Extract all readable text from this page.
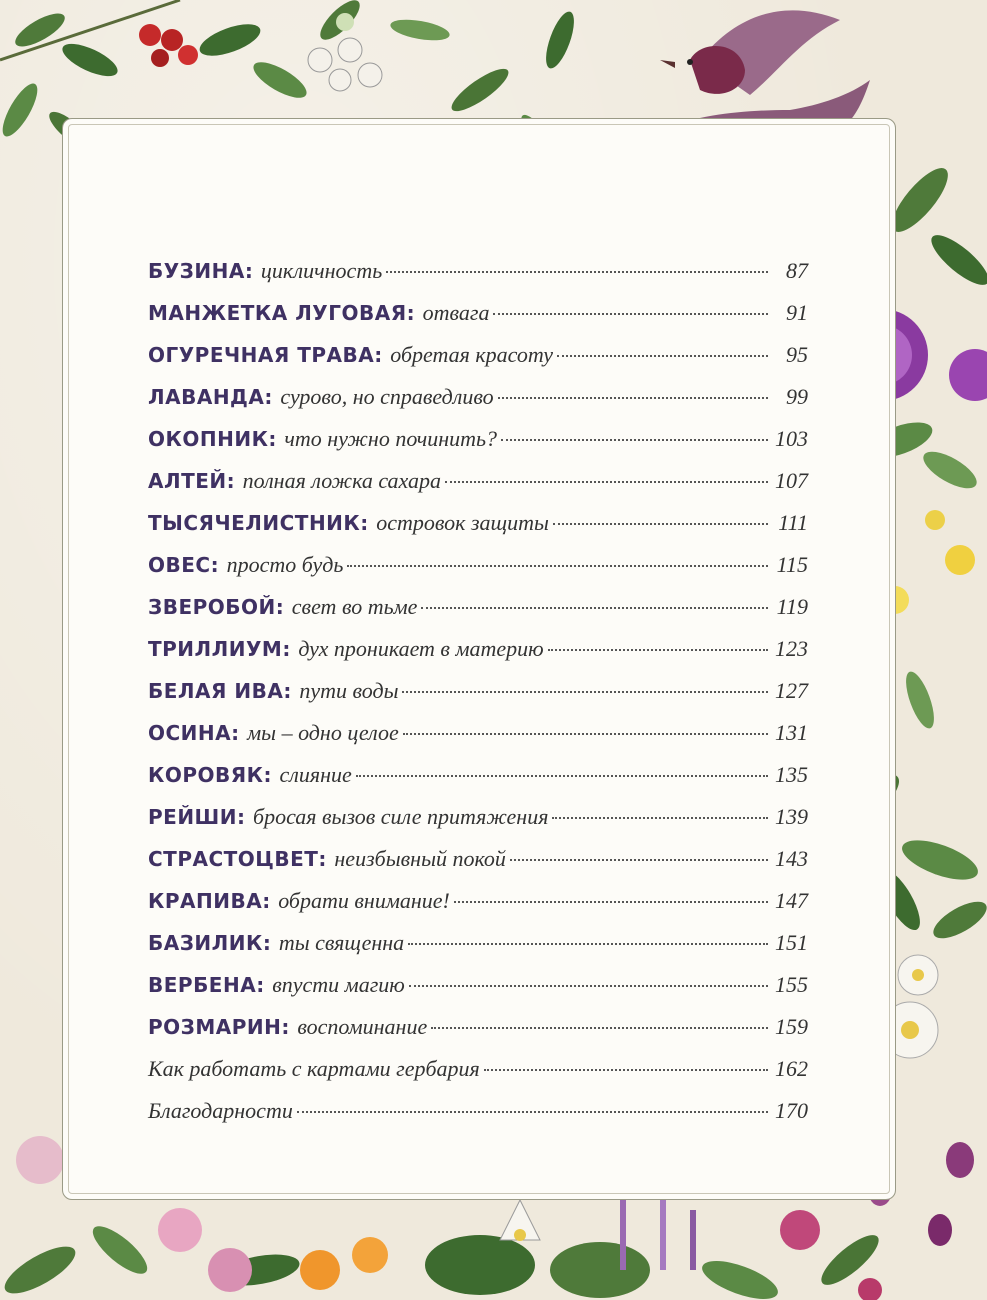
БУЗИНА : цикличность	87
МАНЖЕТКА ЛУГОВАЯ : отвага	91
ОГУРЕЧНАЯ ТРАВА : обретая красоту	95
ЛАВАНДА : сурово, но справедливо	99
ОКОПНИК : что нужно починить?	103
АЛТЕЙ : полная ложка сахара	107
ТЫСЯЧЕЛИСТНИК : островок защиты	111
ОВЕС : просто будь	115
ЗВЕРОБОЙ : свет во тьме	119
ТРИЛЛИУМ : дух проникает в материю	123
БЕЛАЯ ИВА : пути воды	127
ОСИНА : мы – одно целое	131
КОРОВЯК : слияние	135
РЕЙШИ : бросая вызов силе притяжения	139
СТРАСТОЦВЕТ : неизбывный покой	143
КРАПИВА : обрати внимание!	147
БАЗИЛИК : ты священна	151
ВЕРБЕНА : впусти магию	155
РОЗМАРИН : воспоминание	159
Как работать с картами гербария	162
Благодарности	170
